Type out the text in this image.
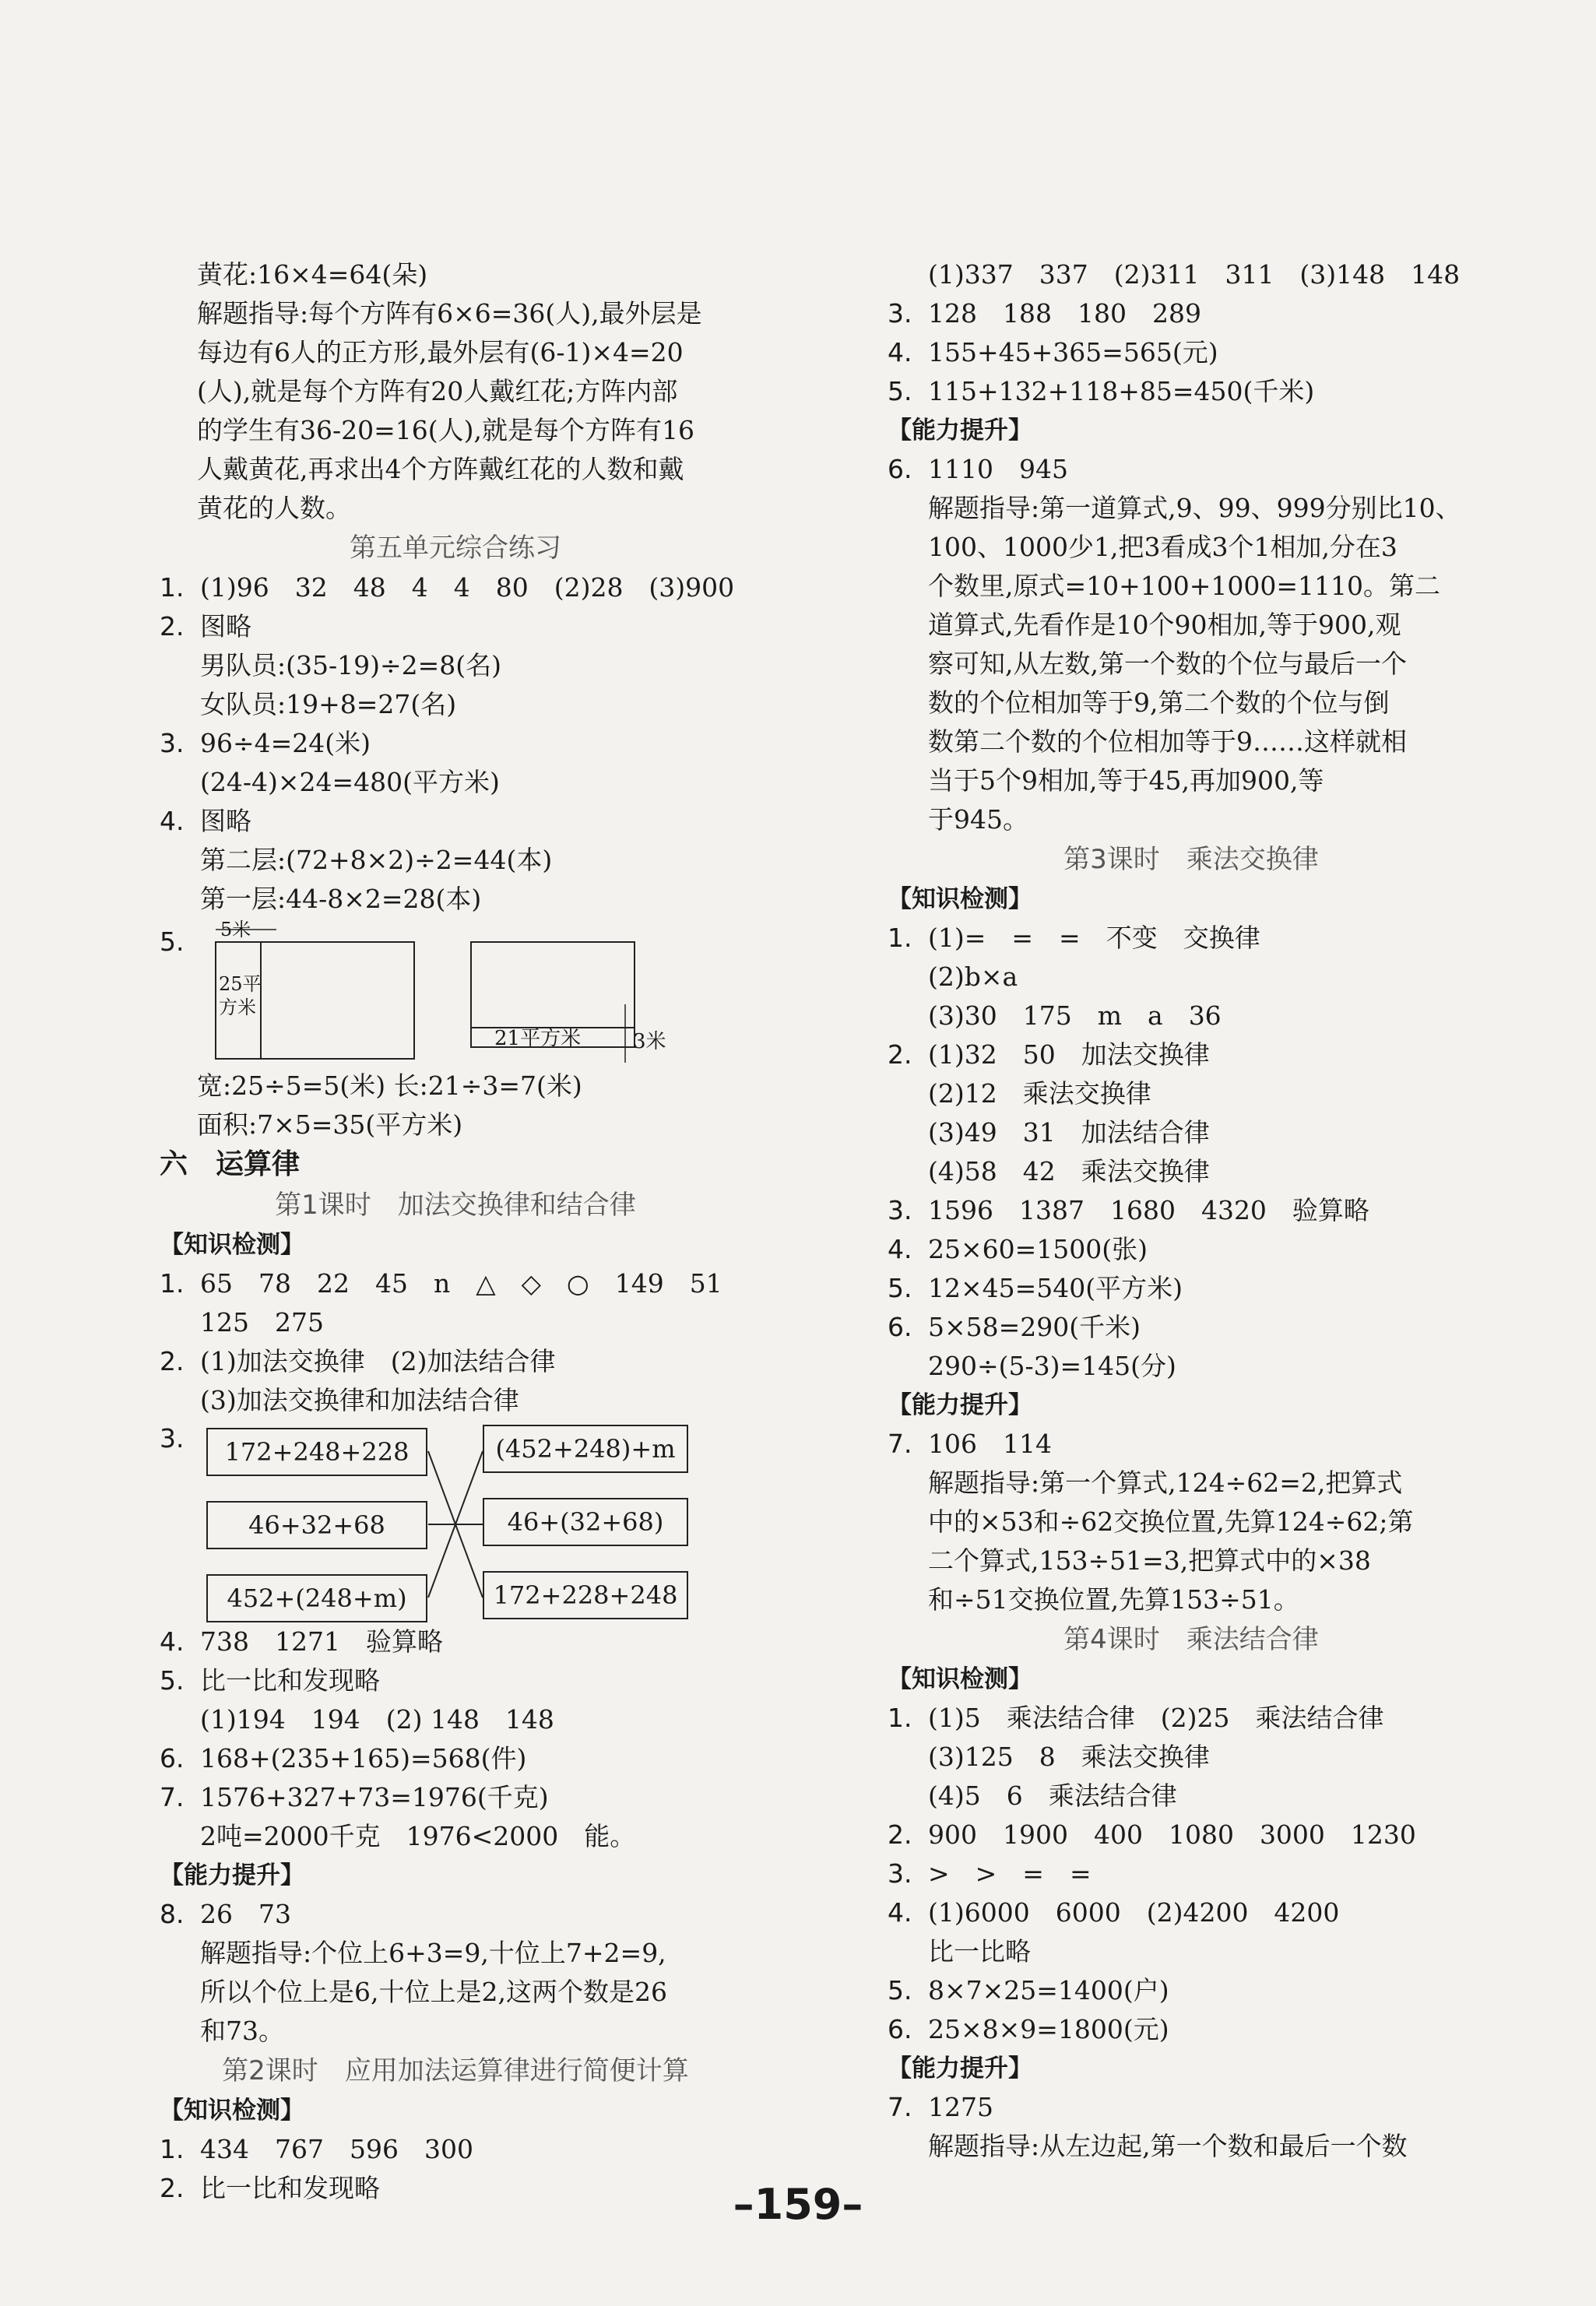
黄花:16×4=64(朵)
解题指导:每个方阵有6×6=36(人),最外层是
每边有6人的正方形,最外层有(6-1)×4=20
(人),就是每个方阵有20人戴红花;方阵内部
的学生有36-20=16(人),就是每个方阵有16
人戴黄花,再求出4个方阵戴红花的人数和戴
黄花的人数。
第五单元综合练习
1. (1)96　32　48　4　4　80　(2)28　(3)900
2. 图略
男队员:(35-19)÷2=8(名)
女队员:19+8=27(名)
3. 96÷4=24(米)
(24-4)×24=480(平方米)
4. 图略
第二层:(72+8×2)÷2=44(本)
第一层:44-8×2=28(本)
5.	5米
25平
方米
21平方米	3米
宽:25÷5=5(米) 长:21÷3=7(米)
面积:7×5=35(平方米)
六　运算律
第1课时　加法交换律和结合律
【知识检测】
1. 65　78　22　45　n　△　◇　○　149　51
125　275
2. (1)加法交换律　(2)加法结合律
(3)加法交换律和加法结合律
3.	172+248+228
46+32+68
452+(248+m)
(452+248)+m
46+(32+68)
172+228+248
4. 738　1271　验算略
5. 比一比和发现略
(1)194　194　(2) 148　148
6. 168+(235+165)=568(件)
7. 1576+327+73=1976(千克)
2吨=2000千克　1976<2000　能。
【能力提升】
8. 26　73
解题指导:个位上6+3=9,十位上7+2=9,
所以个位上是6,十位上是2,这两个数是26
和73。
第2课时　应用加法运算律进行简便计算
【知识检测】
1. 434　767　596　300
2. 比一比和发现略
(1)337　337　(2)311　311　(3)148　148
3. 128　188　180　289
4. 155+45+365=565(元)
5. 115+132+118+85=450(千米)
【能力提升】
6. 1110　945
解题指导:第一道算式,9、99、999分别比10、
100、1000少1,把3看成3个1相加,分在3
个数里,原式=10+100+1000=1110。第二
道算式,先看作是10个90相加,等于900,观
察可知,从左数,第一个数的个位与最后一个
数的个位相加等于9,第二个数的个位与倒
数第二个数的个位相加等于9……这样就相
当于5个9相加,等于45,再加900,等
于945。
第3课时　乘法交换律
【知识检测】
1. (1)=　=　=　不变　交换律
(2)b×a
(3)30　175　m　a　36
2. (1)32　50　加法交换律
(2)12　乘法交换律
(3)49　31　加法结合律
(4)58　42　乘法交换律
3. 1596　1387　1680　4320　验算略
4. 25×60=1500(张)
5. 12×45=540(平方米)
6. 5×58=290(千米)
290÷(5-3)=145(分)
【能力提升】
7. 106　114
解题指导:第一个算式,124÷62=2,把算式
中的×53和÷62交换位置,先算124÷62;第
二个算式,153÷51=3,把算式中的×38
和÷51交换位置,先算153÷51。
第4课时　乘法结合律
【知识检测】
1. (1)5　乘法结合律　(2)25　乘法结合律
(3)125　8　乘法交换律
(4)5　6　乘法结合律
2. 900　1900　400　1080　3000　1230
3. >　>　=　=
4. (1)6000　6000　(2)4200　4200
比一比略
5. 8×7×25=1400(户)
6. 25×8×9=1800(元)
【能力提升】
7. 1275
解题指导:从左边起,第一个数和最后一个数
–159–
